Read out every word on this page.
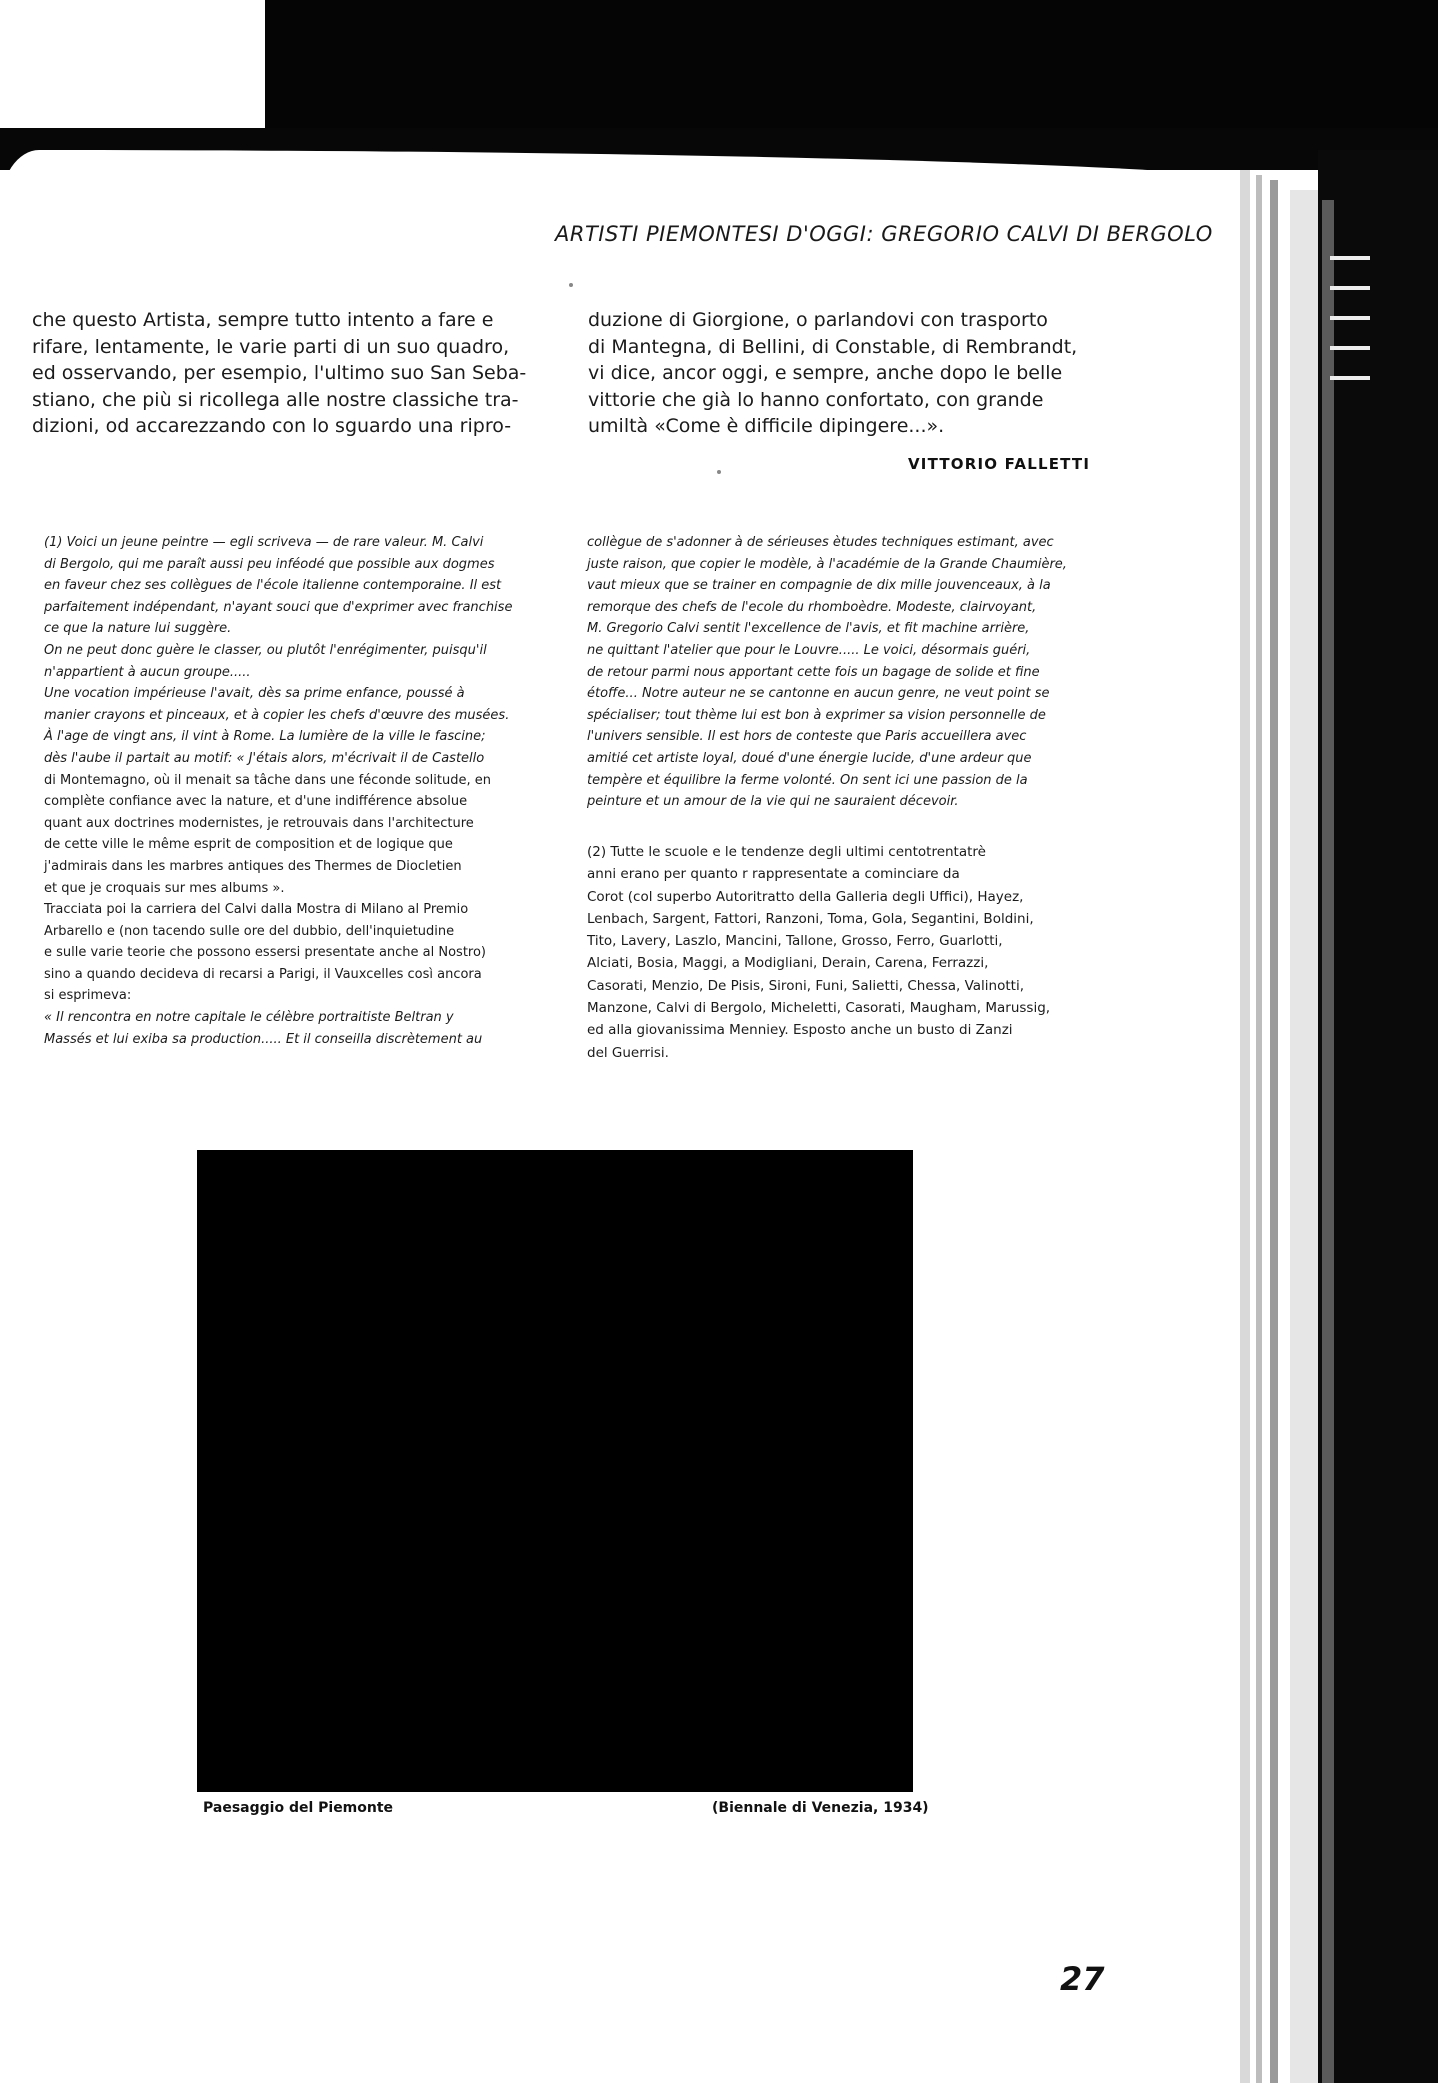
ARTISTI PIEMONTESI D'OGGI: GREGORIO CALVI DI BERGOLO

che questo Artista, sempre tutto intento a fare e

rifare, lentamente, le varie parti di un suo quadro,

ed osservando, per esempio, l'ultimo suo San Seba-

stiano, che più si ricollega alle nostre classiche tra-

dizioni, od accarezzando con lo sguardo una ripro-

duzione di Giorgione, o parlandovi con trasporto

di Mantegna, di Bellini, di Constable, di Rembrandt,

vi dice, ancor oggi, e sempre, anche dopo le belle

vittorie che già lo hanno confortato, con grande

umiltà «Come è difficile dipingere...».

VITTORIO FALLETTI

(1) Voici un jeune peintre — egli scriveva — de rare valeur. M. Calvi

di Bergolo, qui me paraît aussi peu inféodé que possible aux dogmes

en faveur chez ses collègues de l'école italienne contemporaine. Il est

parfaitement indépendant, n'ayant souci que d'exprimer avec franchise

ce que la nature lui suggère.

On ne peut donc guère le classer, ou plutôt l'enrégimenter, puisqu'il

n'appartient à aucun groupe.....

Une vocation impérieuse l'avait, dès sa prime enfance, poussé à

manier crayons et pinceaux, et à copier les chefs d'œuvre des musées.

À l'age de vingt ans, il vint à Rome. La lumière de la ville le fascine;

dès l'aube il partait au motif: « J'étais alors, m'écrivait il de Castello

di Montemagno, où il menait sa tâche dans une féconde solitude, en

complète confiance avec la nature, et d'une indifférence absolue

quant aux doctrines modernistes, je retrouvais dans l'architecture

de cette ville le même esprit de composition et de logique que

j'admirais dans les marbres antiques des Thermes de Diocletien

et que je croquais sur mes albums ».

Tracciata poi la carriera del Calvi dalla Mostra di Milano al Premio

Arbarello e (non tacendo sulle ore del dubbio, dell'inquietudine

e sulle varie teorie che possono essersi presentate anche al Nostro)

sino a quando decideva di recarsi a Parigi, il Vauxcelles così ancora

si esprimeva:

« Il rencontra en notre capitale le célèbre portraitiste Beltran y

Massés et lui exiba sa production..... Et il conseilla discrètement au

collègue de s'adonner à de sérieuses ètudes techniques estimant, avec

juste raison, que copier le modèle, à l'académie de la Grande Chaumière,

vaut mieux que se trainer en compagnie de dix mille jouvenceaux, à la

remorque des chefs de l'ecole du rhomboèdre. Modeste, clairvoyant,

M. Gregorio Calvi sentit l'excellence de l'avis, et fit machine arrière,

ne quittant l'atelier que pour le Louvre..... Le voici, désormais guéri,

de retour parmi nous apportant cette fois un bagage de solide et fine

étoffe... Notre auteur ne se cantonne en aucun genre, ne veut point se

spécialiser; tout thème lui est bon à exprimer sa vision personnelle de

l'univers sensible. Il est hors de conteste que Paris accueillera avec

amitié cet artiste loyal, doué d'une énergie lucide, d'une ardeur que

tempère et équilibre la ferme volonté. On sent ici une passion de la

peinture et un amour de la vie qui ne sauraient décevoir.

(2) Tutte le scuole e le tendenze degli ultimi centotrentatrè

anni erano per quanto r rappresentate a cominciare da

Corot (col superbo Autoritratto della Galleria degli Uffici), Hayez,

Lenbach, Sargent, Fattori, Ranzoni, Toma, Gola, Segantini, Boldini,

Tito, Lavery, Laszlo, Mancini, Tallone, Grosso, Ferro, Guarlotti,

Alciati, Bosia, Maggi, a Modigliani, Derain, Carena, Ferrazzi,

Casorati, Menzio, De Pisis, Sironi, Funi, Salietti, Chessa, Valinotti,

Manzone, Calvi di Bergolo, Micheletti, Casorati, Maugham, Marussig,

ed alla giovanissima Menniey. Esposto anche un busto di Zanzi

del Guerrisi.

Paesaggio del Piemonte	(Biennale di Venezia, 1934)
27
